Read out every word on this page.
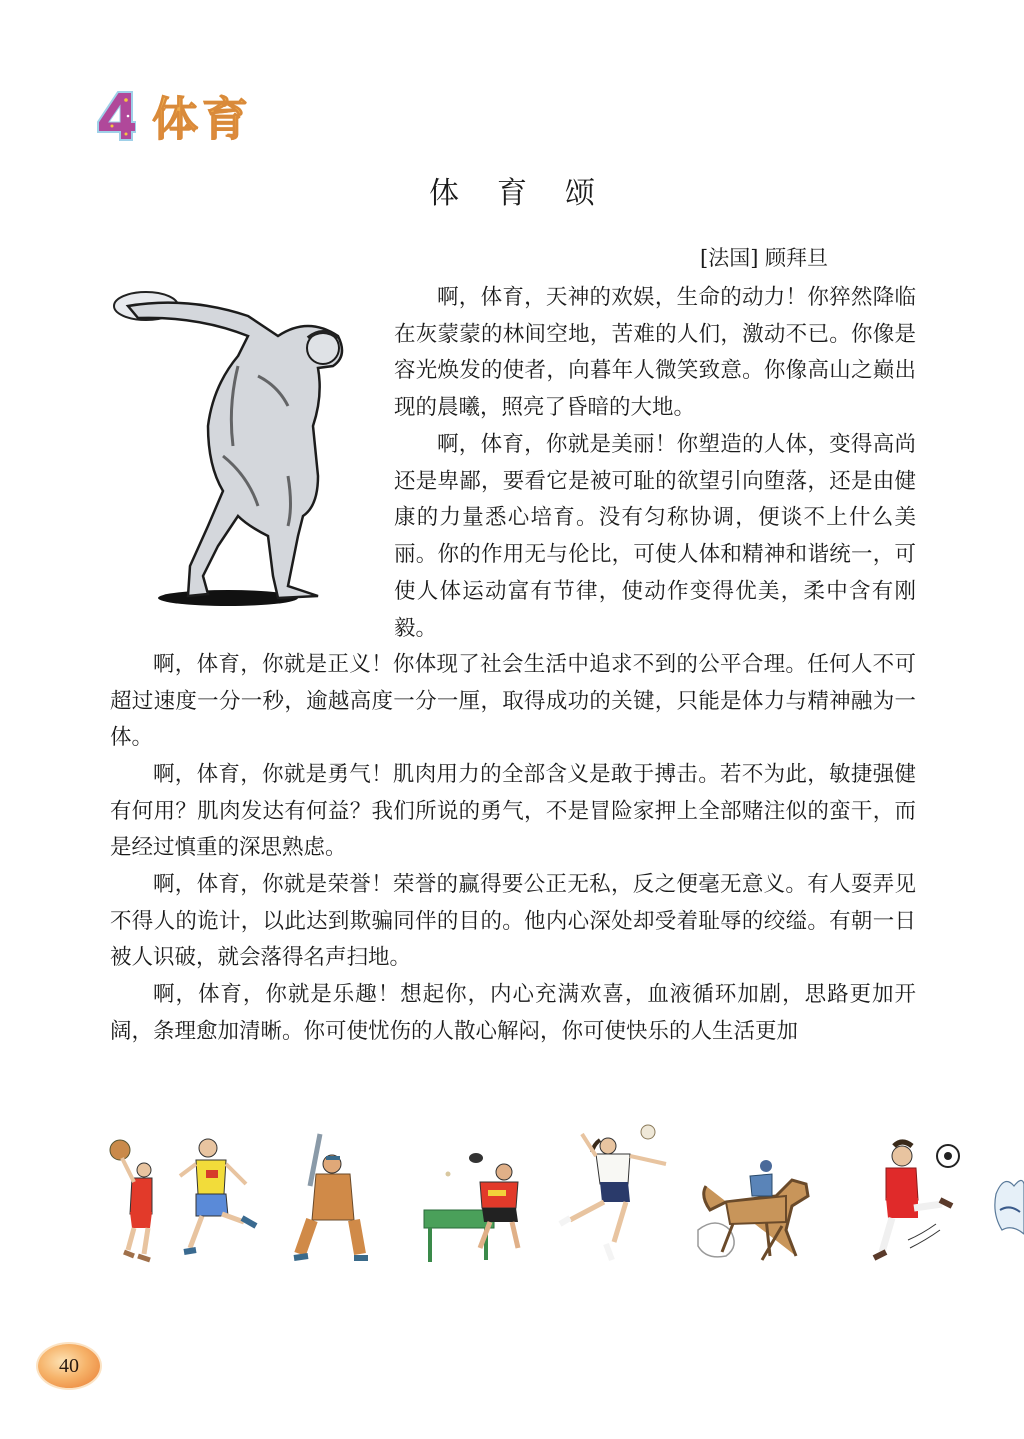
体育
体育颂
[法国] 顾拜旦
啊，体育，天神的欢娱，生命的动力！你猝然降临在灰蒙蒙的林间空地，苦难的人们，激动不已。你像是容光焕发的使者，向暮年人微笑致意。你像高山之巅出现的晨曦，照亮了昏暗的大地。
啊，体育，你就是美丽！你塑造的人体，变得高尚还是卑鄙，要看它是被可耻的欲望引向堕落，还是由健康的力量悉心培育。没有匀称协调，便谈不上什么美丽。你的作用无与伦比，可使人体和精神和谐统一，可使人体运动富有节律，使动作变得优美，柔中含有刚毅。
啊，体育，你就是正义！你体现了社会生活中追求不到的公平合理。任何人不可超过速度一分一秒，逾越高度一分一厘，取得成功的关键，只能是体力与精神融为一体。
啊，体育，你就是勇气！肌肉用力的全部含义是敢于搏击。若不为此，敏捷强健有何用？肌肉发达有何益？我们所说的勇气，不是冒险家押上全部赌注似的蛮干，而是经过慎重的深思熟虑。
啊，体育，你就是荣誉！荣誉的赢得要公正无私，反之便毫无意义。有人耍弄见不得人的诡计，以此达到欺骗同伴的目的。他内心深处却受着耻辱的绞缢。有朝一日被人识破，就会落得名声扫地。
啊，体育，你就是乐趣！想起你，内心充满欢喜，血液循环加剧，思路更加开阔，条理愈加清晰。你可使忧伤的人散心解闷，你可使快乐的人生活更加
40
